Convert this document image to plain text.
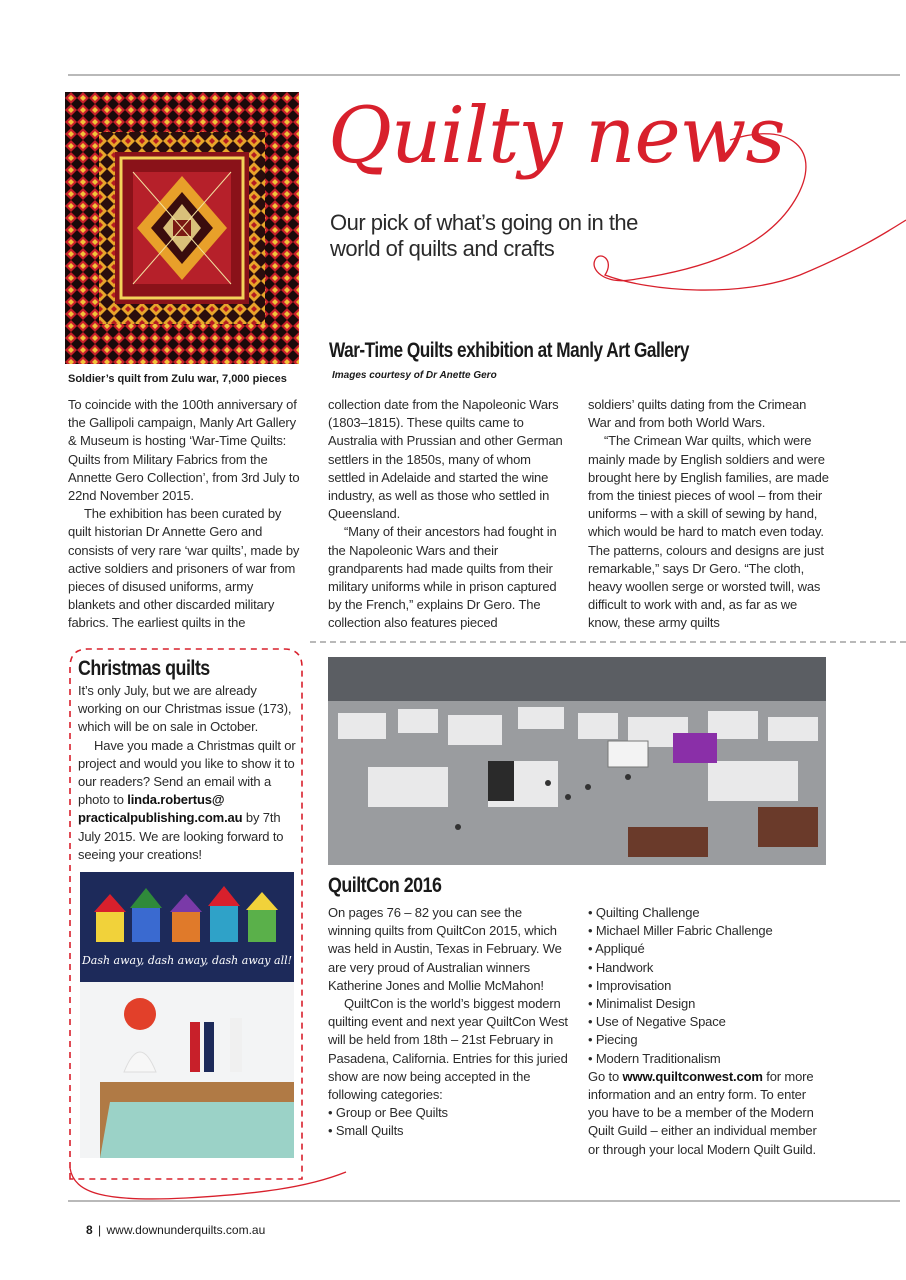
Soldier’s quilt from Zulu war, 7,000 pieces
Quilty news
Our pick of what’s going on in the
world of quilts and crafts
War-Time Quilts exhibition at Manly Art Gallery
Images courtesy of Dr Anette Gero

To coincide with the 100th anniversary of the Gallipoli campaign, Manly Art Gallery & Museum is hosting ‘War-Time Quilts: Quilts from Military Fabrics from the Annette Gero Collection’, from 3rd July to 22nd November 2015.

The exhibition has been curated by quilt historian Dr Annette Gero and consists of very rare ‘war quilts’, made by active soldiers and prisoners of war from pieces of disused uniforms, army blankets and other discarded military fabrics. The earliest quilts in the

collection date from the Napoleonic Wars (1803–1815). These quilts came to Australia with Prussian and other German settlers in the 1850s, many of whom settled in Adelaide and started the wine industry, as well as those who settled in Queensland.

“Many of their ancestors had fought in the Napoleonic Wars and their grandparents had made quilts from their military uniforms while in prison captured by the French,” explains Dr Gero. The collection also features pieced

soldiers’ quilts dating from the Crimean War and from both World Wars.

“The Crimean War quilts, which were mainly made by English soldiers and were brought here by English families, are made from the tiniest pieces of wool – from their uniforms – with a skill of sewing by hand, which would be hard to match even today. The patterns, colours and designs are just remarkable,” says Dr Gero. “The cloth, heavy woollen serge or worsted twill, was difficult to work with and, as far as we know, these army quilts

Christmas quilts

It’s only July, but we are already working on our Christmas issue (173), which will be on sale in October.

Have you made a Christmas quilt or project and would you like to show it to our readers? Send an email with a photo to linda.robertus@ practicalpublishing.com.au by 7th July 2015. We are looking forward to seeing your creations!

Dash away, dash away, dash away all!
QuiltCon 2016

On pages 76 – 82 you can see the winning quilts from QuiltCon 2015, which was held in Austin, Texas in February. We are very proud of Australian winners Katherine Jones and Mollie McMahon!

QuiltCon is the world’s biggest modern quilting event and next year QuiltCon West will be held from 18th – 21st February in Pasadena, California. Entries for this juried show are now being accepted in the following categories:

• Group or Bee Quilts
• Small Quilts
• Quilting Challenge
• Michael Miller Fabric Challenge
• Appliqué
• Handwork
• Improvisation
• Minimalist Design
• Use of Negative Space
• Piecing
• Modern Traditionalism

Go to www.quiltconwest.com for more information and an entry form. To enter you have to be a member of the Modern Quilt Guild – either an individual member or through your local Modern Quilt Guild.

8 | www.downunderquilts.com.au
